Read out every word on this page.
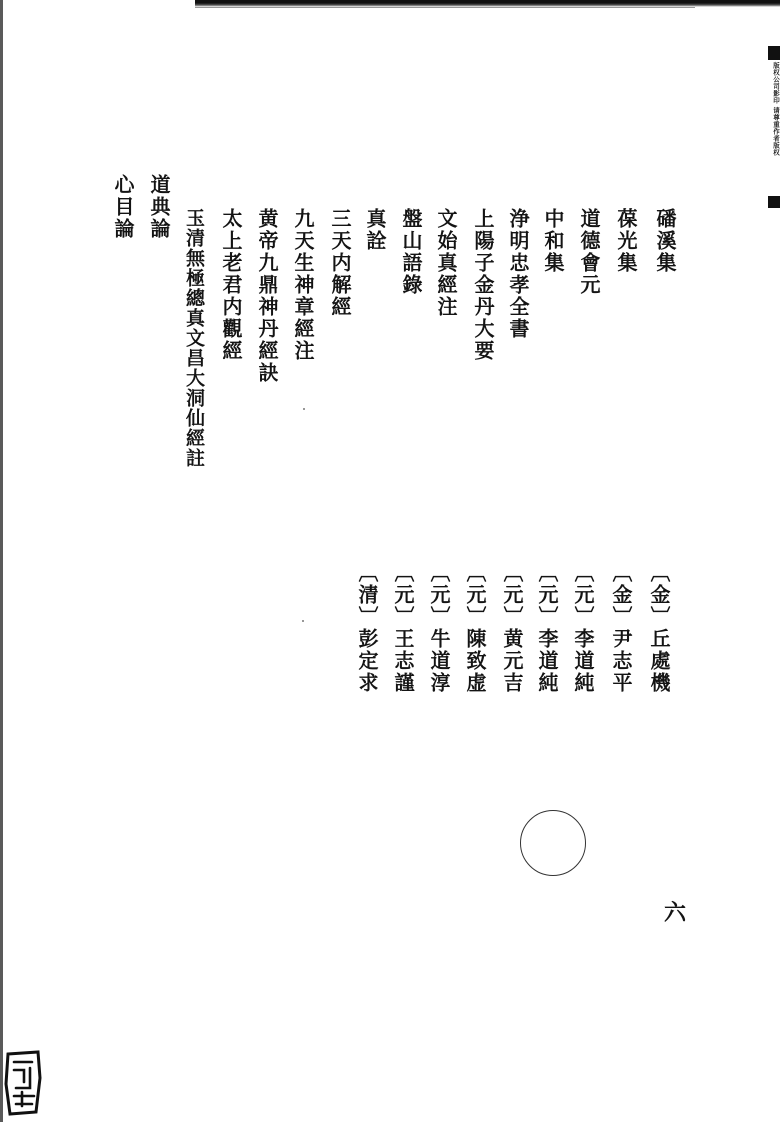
版权公司影印 请尊重作者版权
磻溪集
葆光集
道德會元
中和集
浄明忠孝全書
上陽子金丹大要
文始真經注
盤山語錄
真詮
三天内解經
九天生神章經注
黄帝九鼎神丹經訣
太上老君内觀經
玉清無極總真文昌大洞仙經註
道典論
心目論
〔金〕丘處機
〔金〕尹志平
〔元〕李道純
〔元〕李道純
〔元〕黄元吉
〔元〕陳致虚
〔元〕牛道淳
〔元〕王志謹
〔清〕彭定求
六
